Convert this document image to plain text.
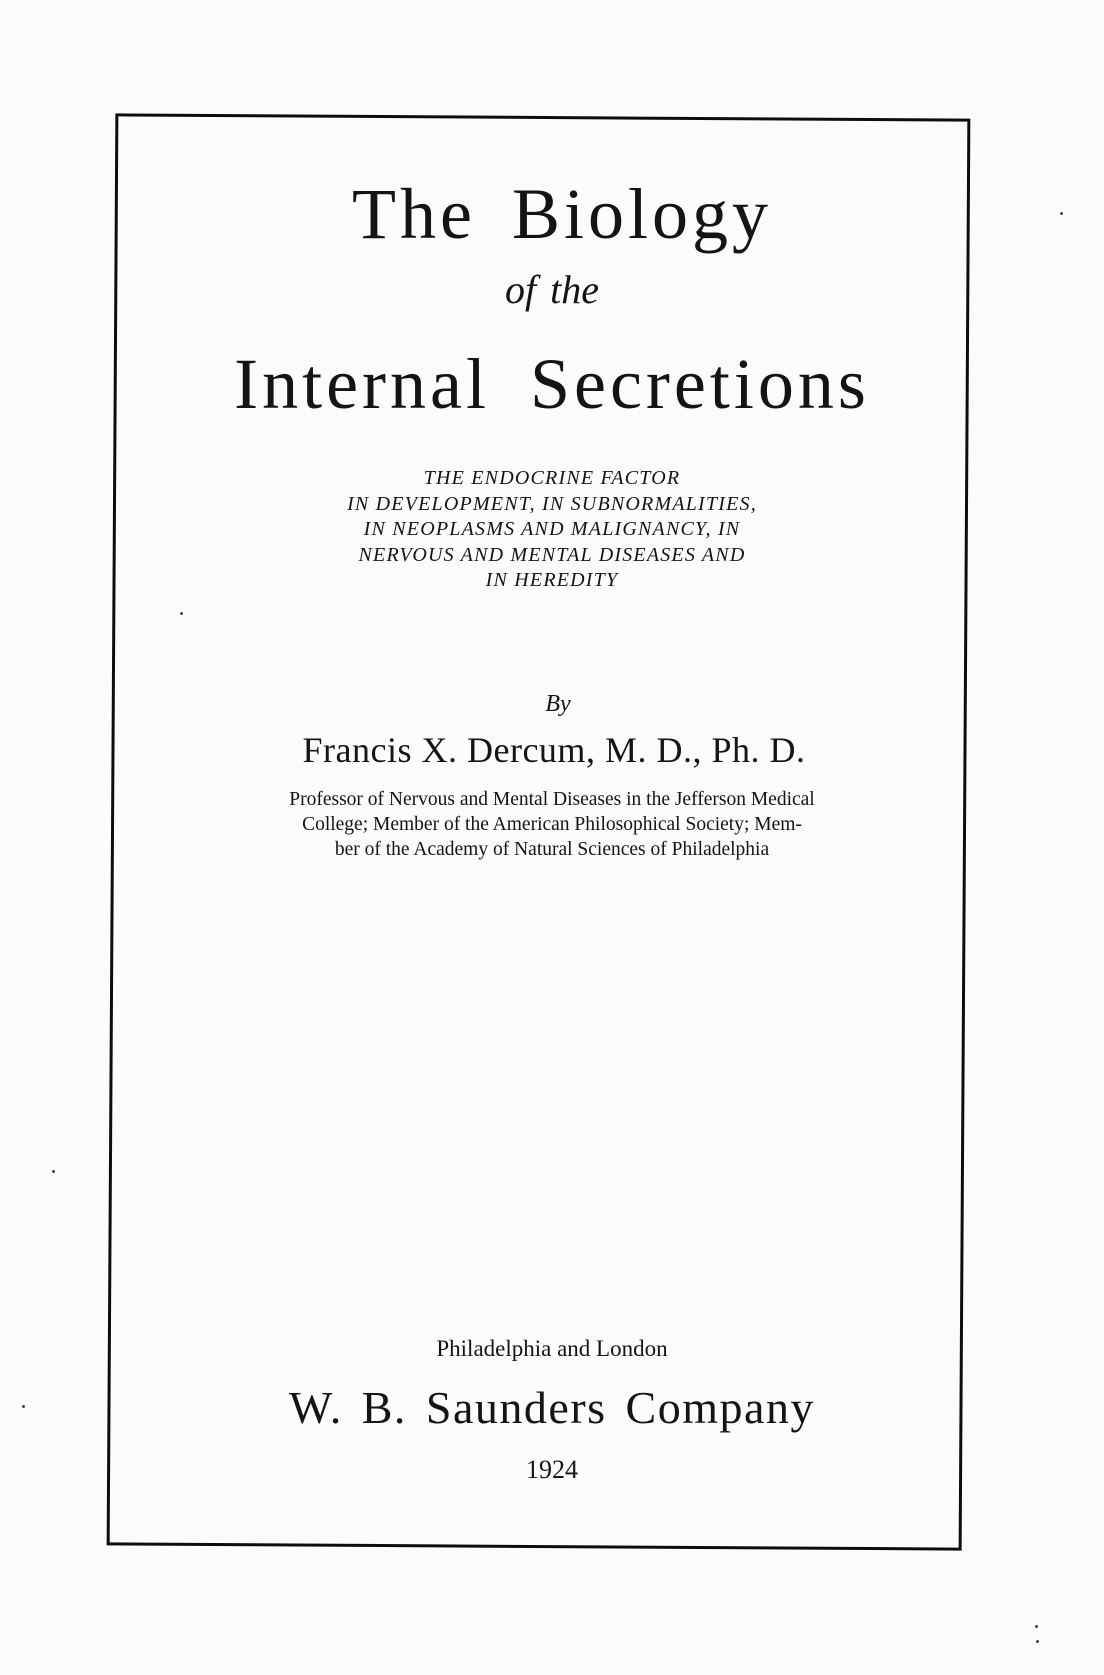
The Biology
of the
Internal Secretions
THE ENDOCRINE FACTOR
IN DEVELOPMENT, IN SUBNORMALITIES,
IN NEOPLASMS AND MALIGNANCY, IN
NERVOUS AND MENTAL DISEASES AND
IN HEREDITY
By
Francis X. Dercum, M. D., Ph. D.
Professor of Nervous and Mental Diseases in the Jefferson Medical
College; Member of the American Philosophical Society; Mem-
ber of the Academy of Natural Sciences of Philadelphia
Philadelphia and London
W. B. Saunders Company
1924
